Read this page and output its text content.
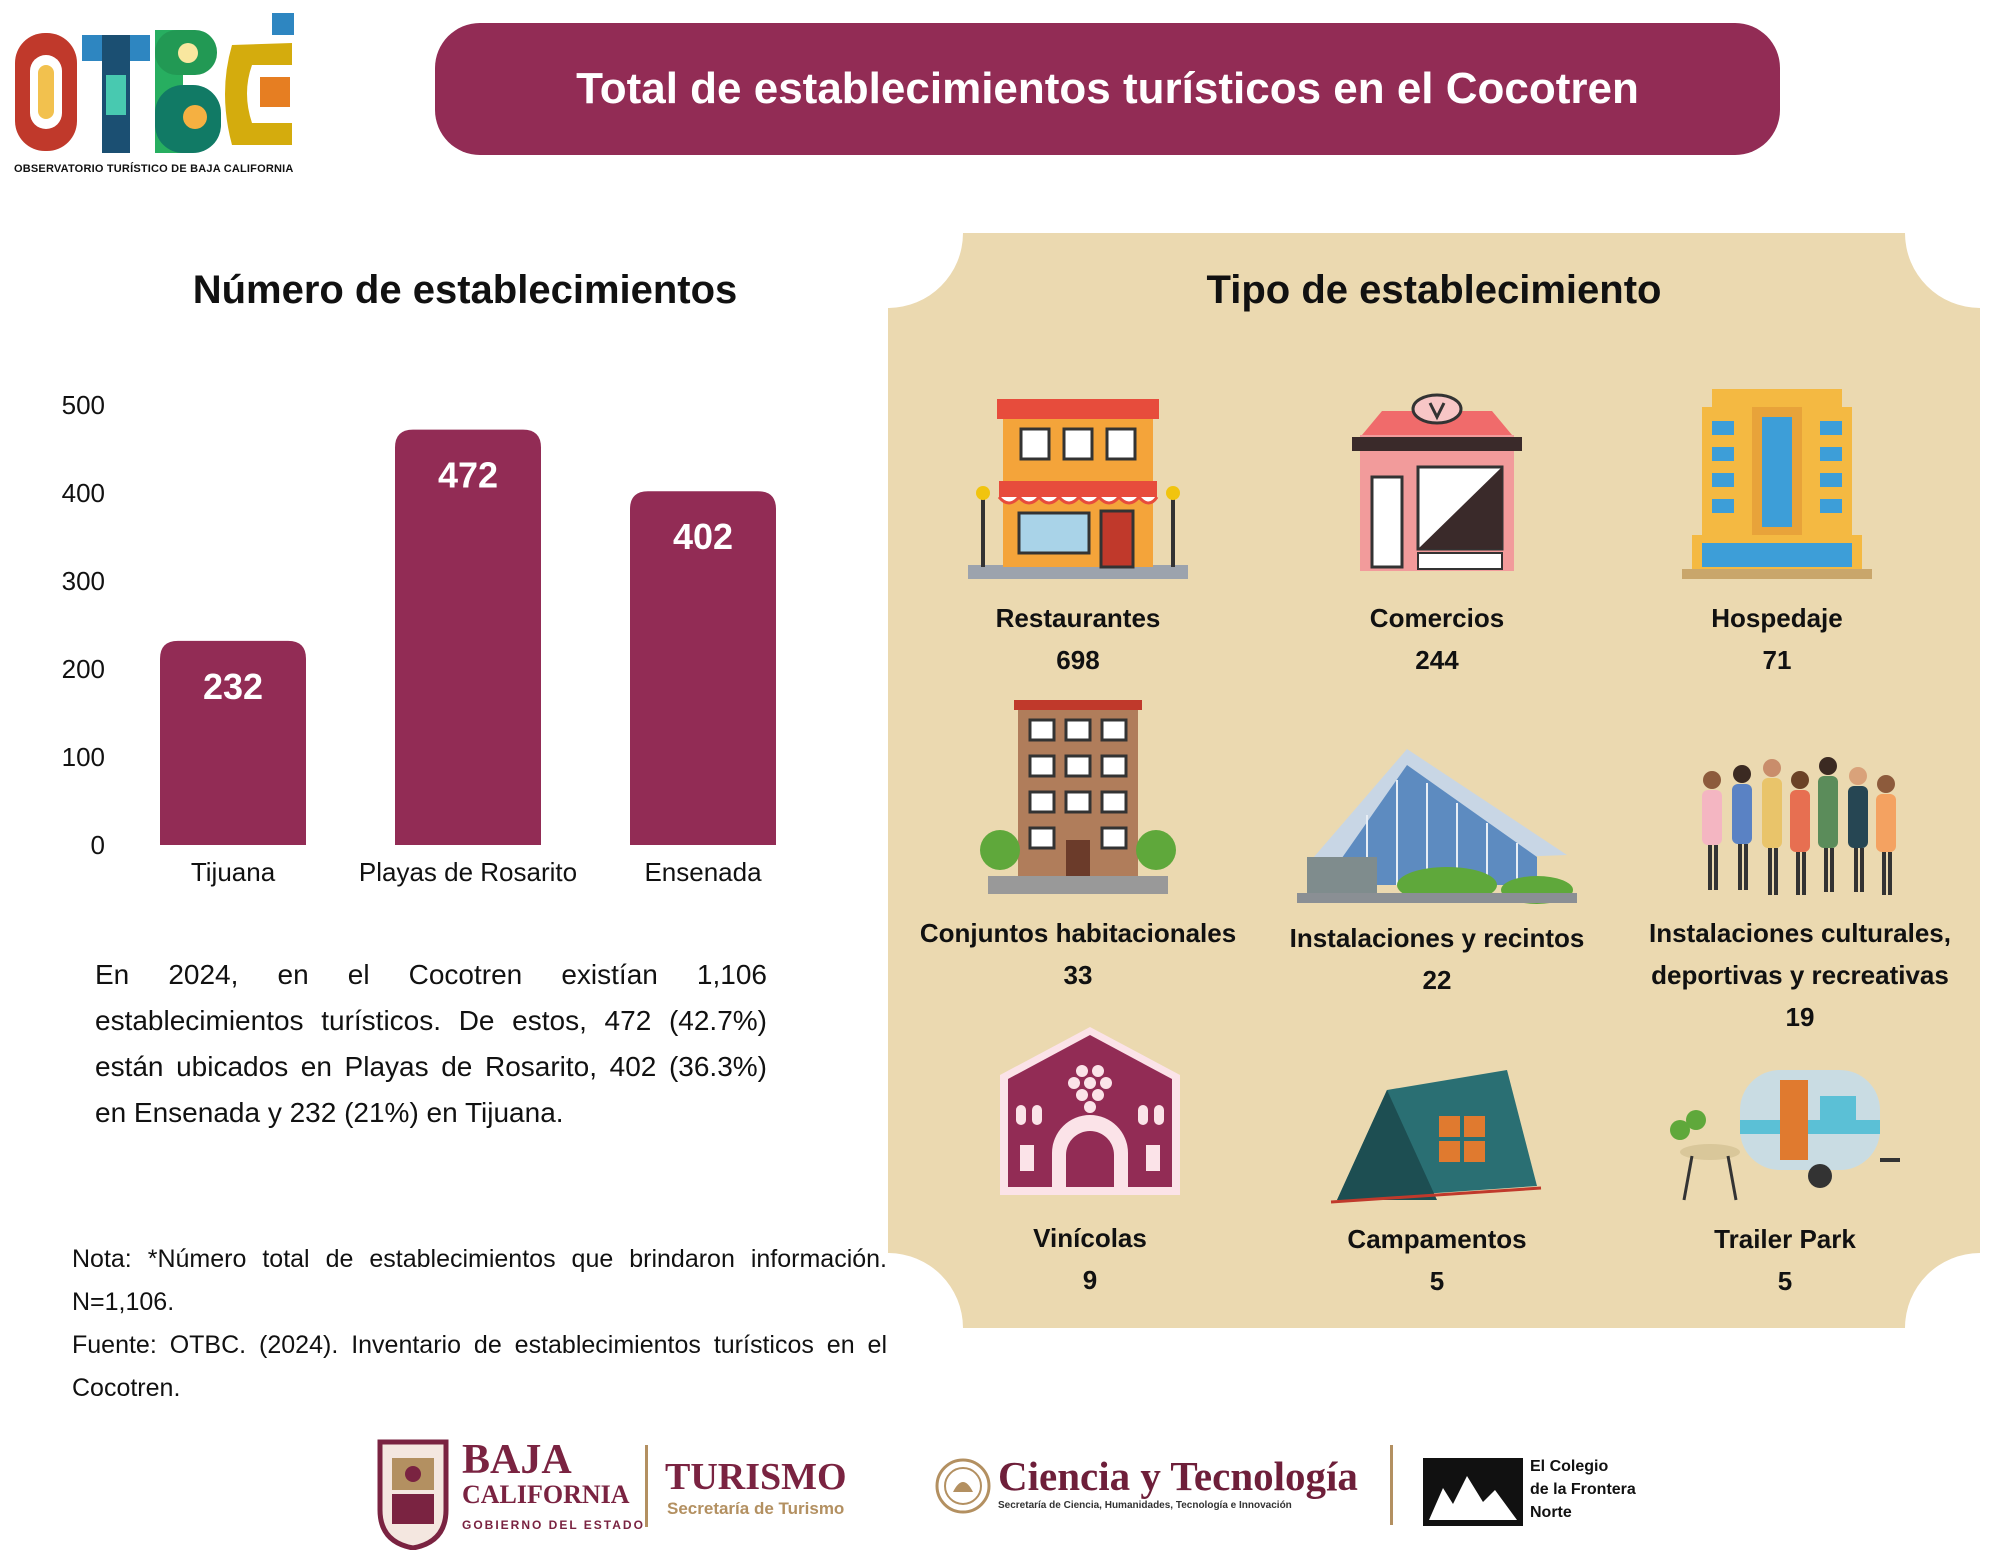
OBSERVATORIO TURÍSTICO DE BAJA CALIFORNIA
Total de establecimientos turísticos en el Cocotren
Número de establecimientos
0
100
200
300
400
500
232
Tijuana
472
Playas de Rosarito
402
Ensenada
En 2024, en el Cocotren existían 1,106 establecimientos turísticos. De estos, 472 (42.7%) están ubicados en Playas de Rosarito, 402 (36.3%) en Ensenada y 232 (21%) en Tijuana.
Nota: *Número total de establecimientos que brindaron información. N=1,106.
Fuente: OTBC. (2024). Inventario de establecimientos turísticos en el Cocotren.
Tipo de establecimiento
Restaurantes
698
Comercios
244
Hospedaje
71
Conjuntos habitacionales
33
Instalaciones y recintos
22
Instalaciones culturales, deportivas y recreativas
19
Vinícolas
9
Campamentos
5
Trailer Park
5
BAJA
CALIFORNIA
GOBIERNO DEL ESTADO
TURISMO
Secretaría de Turismo
Ciencia y Tecnología
Secretaría de Ciencia, Humanidades, Tecnología e Innovación
El Colegio
de la Frontera
Norte
